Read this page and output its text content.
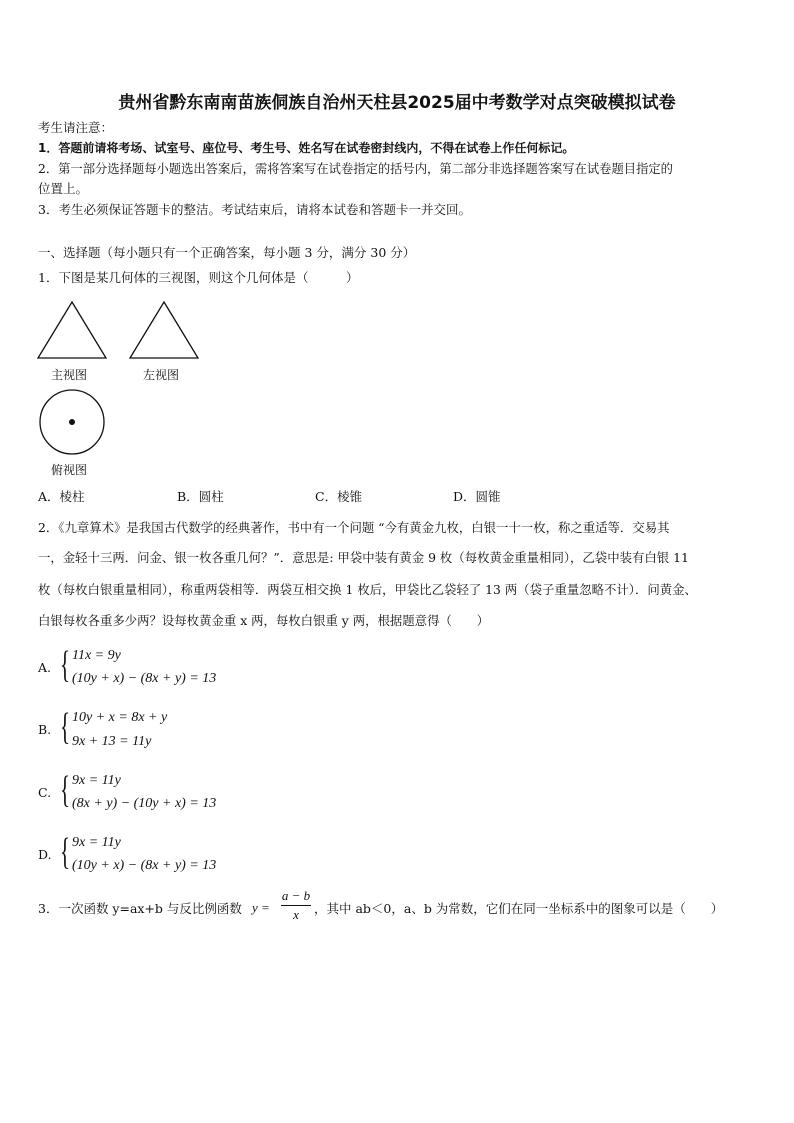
贵州省黔东南南苗族侗族自治州天柱县2025届中考数学对点突破模拟试卷
考生请注意：
1．答题前请将考场、试室号、座位号、考生号、姓名写在试卷密封线内，不得在试卷上作任何标记。
2．第一部分选择题每小题选出答案后，需将答案写在试卷指定的括号内，第二部分非选择题答案写在试卷题目指定的
位置上。
3．考生必须保证答题卡的整洁。考试结束后，请将本试卷和答题卡一并交回。
一、选择题（每小题只有一个正确答案，每小题 3 分，满分 30 分）
1．下图是某几何体的三视图，则这个几何体是（　　　）
主视图	左视图
俯视图
A．棱柱	B．圆柱	C．棱锥	D．圆锥
2．《九章算术》是我国古代数学的经典著作，书中有一个问题 “今有黄金九枚，白银一十一枚，称之重适等．交易其
一，金轻十三两．问金、银一枚各重几何？”．意思是: 甲袋中装有黄金 9 枚（每枚黄金重量相同），乙袋中装有白银 11
枚（每枚白银重量相同），称重两袋相等．两袋互相交换 1 枚后，甲袋比乙袋轻了 13 两（袋子重量忽略不计）．问黄金、
白银每枚各重多少两？设每枚黄金重 x 两，每枚白银重 y 两，根据题意得（　　）
A. { 11x = 9y
(10y + x) − (8x + y) = 13
B. { 10y + x = 8x + y
9x + 13 = 11y
C. { 9x = 11y
(8x + y) − (10y + x) = 13
D. { 9x = 11y
(10y + x) − (8x + y) = 13
3．一次函数 y=ax+b 与反比例函数 y =
a − b
x	，其中 ab＜0，a、b 为常数，它们在同一坐标系中的图象可以是（　　）
